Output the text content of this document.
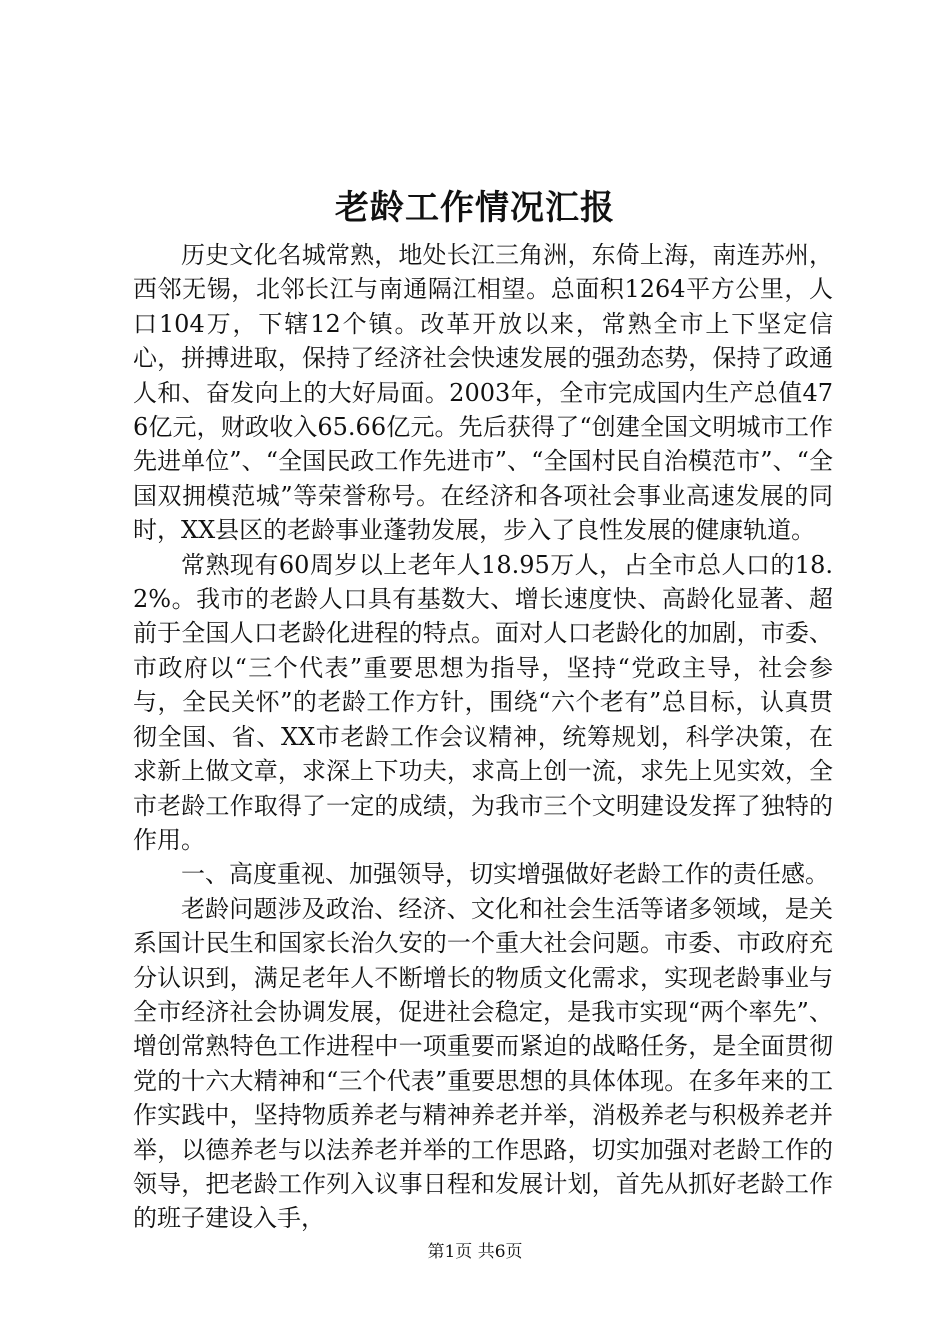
老龄工作情况汇报

历史文化名城常熟，地处长江三角洲，东倚上海，南连苏州，西邻无锡，北邻长江与南通隔江相望。总面积1264平方公里，人口104万，下辖12个镇。改革开放以来，常熟全市上下坚定信心，拼搏进取，保持了经济社会快速发展的强劲态势，保持了政通人和、奋发向上的大好局面。2003年，全市完成国内生产总值476亿元，财政收入65.66亿元。先后获得了“创建全国文明城市工作先进单位”、“全国民政工作先进市”、“全国村民自治模范市”、“全国双拥模范城”等荣誉称号。在经济和各项社会事业高速发展的同时，XX县区的老龄事业蓬勃发展，步入了良性发展的健康轨道。

常熟现有60周岁以上老年人18.95万人，占全市总人口的18.2%。我市的老龄人口具有基数大、增长速度快、高龄化显著、超前于全国人口老龄化进程的特点。面对人口老龄化的加剧，市委、市政府以“三个代表”重要思想为指导，坚持“党政主导，社会参与，全民关怀”的老龄工作方针，围绕“六个老有”总目标，认真贯彻全国、省、XX市老龄工作会议精神，统筹规划，科学决策，在求新上做文章，求深上下功夫，求高上创一流，求先上见实效，全市老龄工作取得了一定的成绩，为我市三个文明建设发挥了独特的作用。

一、高度重视、加强领导，切实增强做好老龄工作的责任感。

老龄问题涉及政治、经济、文化和社会生活等诸多领域，是关系国计民生和国家长治久安的一个重大社会问题。市委、市政府充分认识到，满足老年人不断增长的物质文化需求，实现老龄事业与全市经济社会协调发展，促进社会稳定，是我市实现“两个率先”、增创常熟特色工作进程中一项重要而紧迫的战略任务，是全面贯彻党的十六大精神和“三个代表”重要思想的具体体现。在多年来的工作实践中，坚持物质养老与精神养老并举，消极养老与积极养老并举，以德养老与以法养老并举的工作思路，切实加强对老龄工作的领导，把老龄工作列入议事日程和发展计划，首先从抓好老龄工作的班子建设入手，

第1页 共6页
